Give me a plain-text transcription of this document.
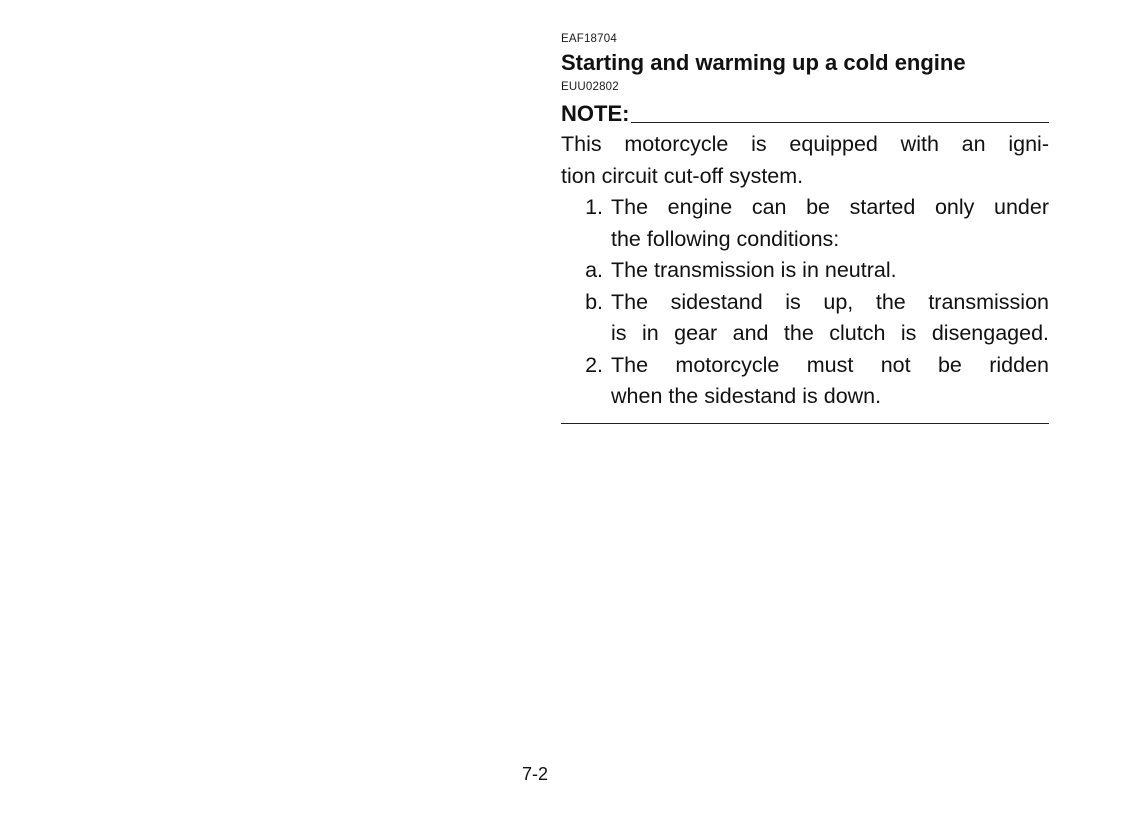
EAF18704
Starting and warming up a cold engine
EUU02802
NOTE:
This motorcycle is equipped with an igni-
tion circuit cut-off system.
1. The engine can be started only under
the following conditions:
a. The transmission is in neutral.
b. The sidestand is up, the transmission
is in gear and the clutch is disengaged.
2. The motorcycle must not be ridden
when the sidestand is down.
7-2
